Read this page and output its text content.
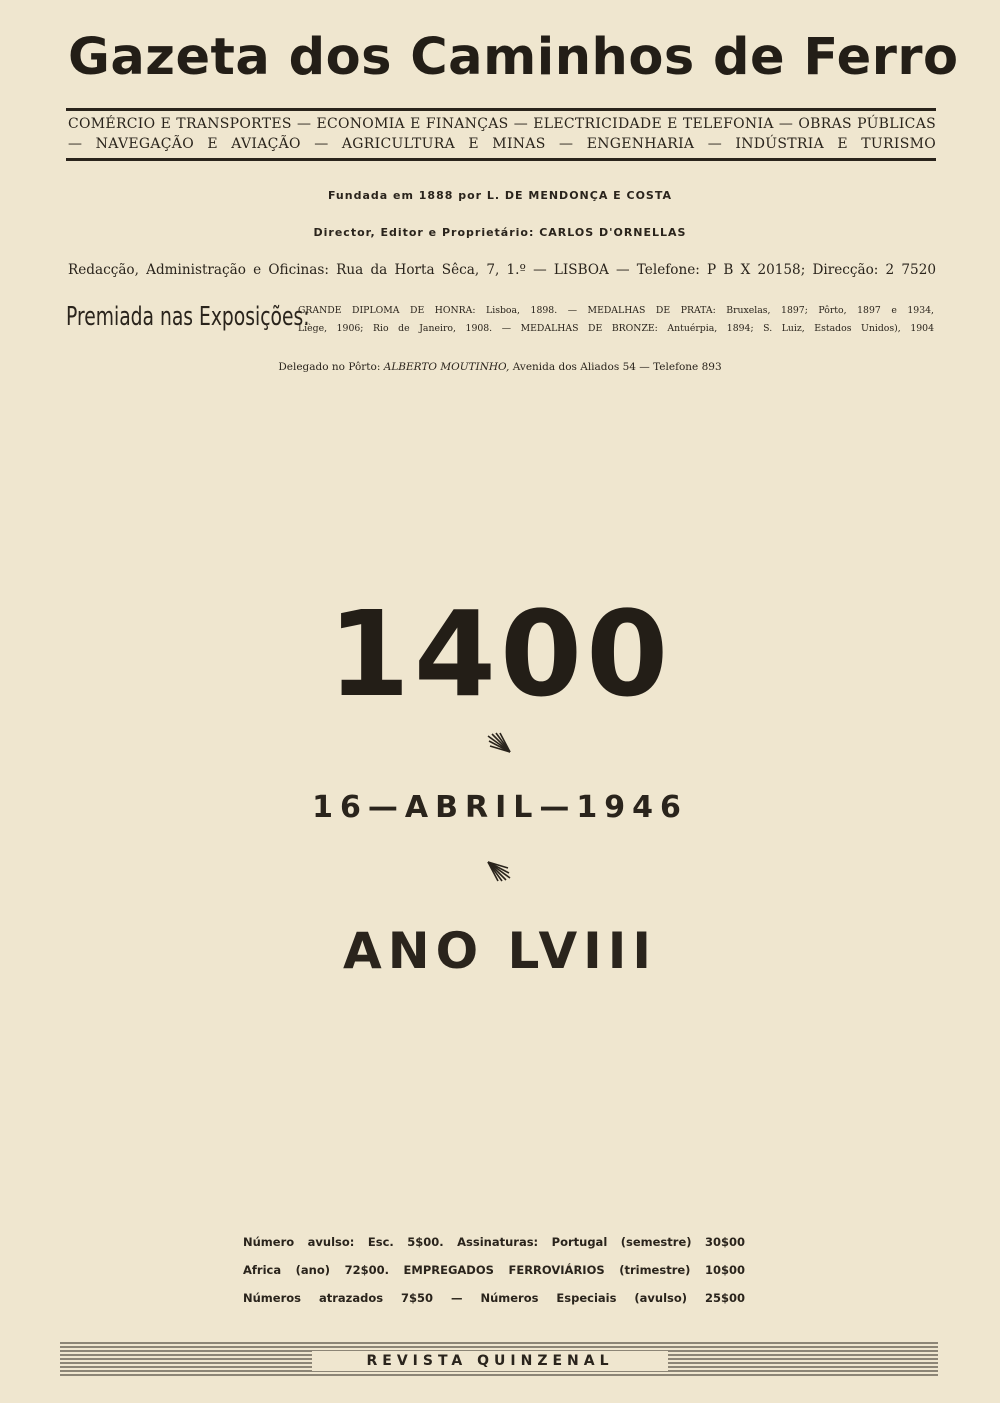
Gazeta dos Caminhos de Ferro
COMÉRCIO E TRANSPORTES — ECONOMIA E FINANÇAS — ELECTRICIDADE E TELEFONIA — OBRAS PÚBLICAS
— NAVEGAÇÃO E AVIAÇÃO — AGRICULTURA E MINAS — ENGENHARIA — INDÚSTRIA E TURISMO
Fundada em 1888 por L. DE MENDONÇA E COSTA
Director, Editor e Proprietário: CARLOS D'ORNELLAS
Redacção, Administração e Oficinas: Rua da Horta Sêca, 7, 1.º — LISBOA — Telefone: P B X 20158; Direcção: 2 7520
Premiada nas Exposições:
GRANDE DIPLOMA DE HONRA: Lisboa, 1898. — MEDALHAS DE PRATA: Bruxelas, 1897; Pôrto, 1897 e 1934,
Liège, 1906; Rio de Janeiro, 1908. — MEDALHAS DE BRONZE: Antuérpia, 1894; S. Luiz, Estados Unidos), 1904
Delegado no Pôrto: ALBERTO MOUTINHO, Avenida dos Aliados 54 — Telefone 893
1400
16—ABRIL—1946
ANO LVIII
Número avulso: Esc. 5$00. Assinaturas: Portugal (semestre) 30$00
Africa (ano) 72$00. EMPREGADOS FERROVIÁRIOS (trimestre) 10$00
Números atrazados 7$50 — Números Especiais (avulso) 25$00
REVISTA QUINZENAL
